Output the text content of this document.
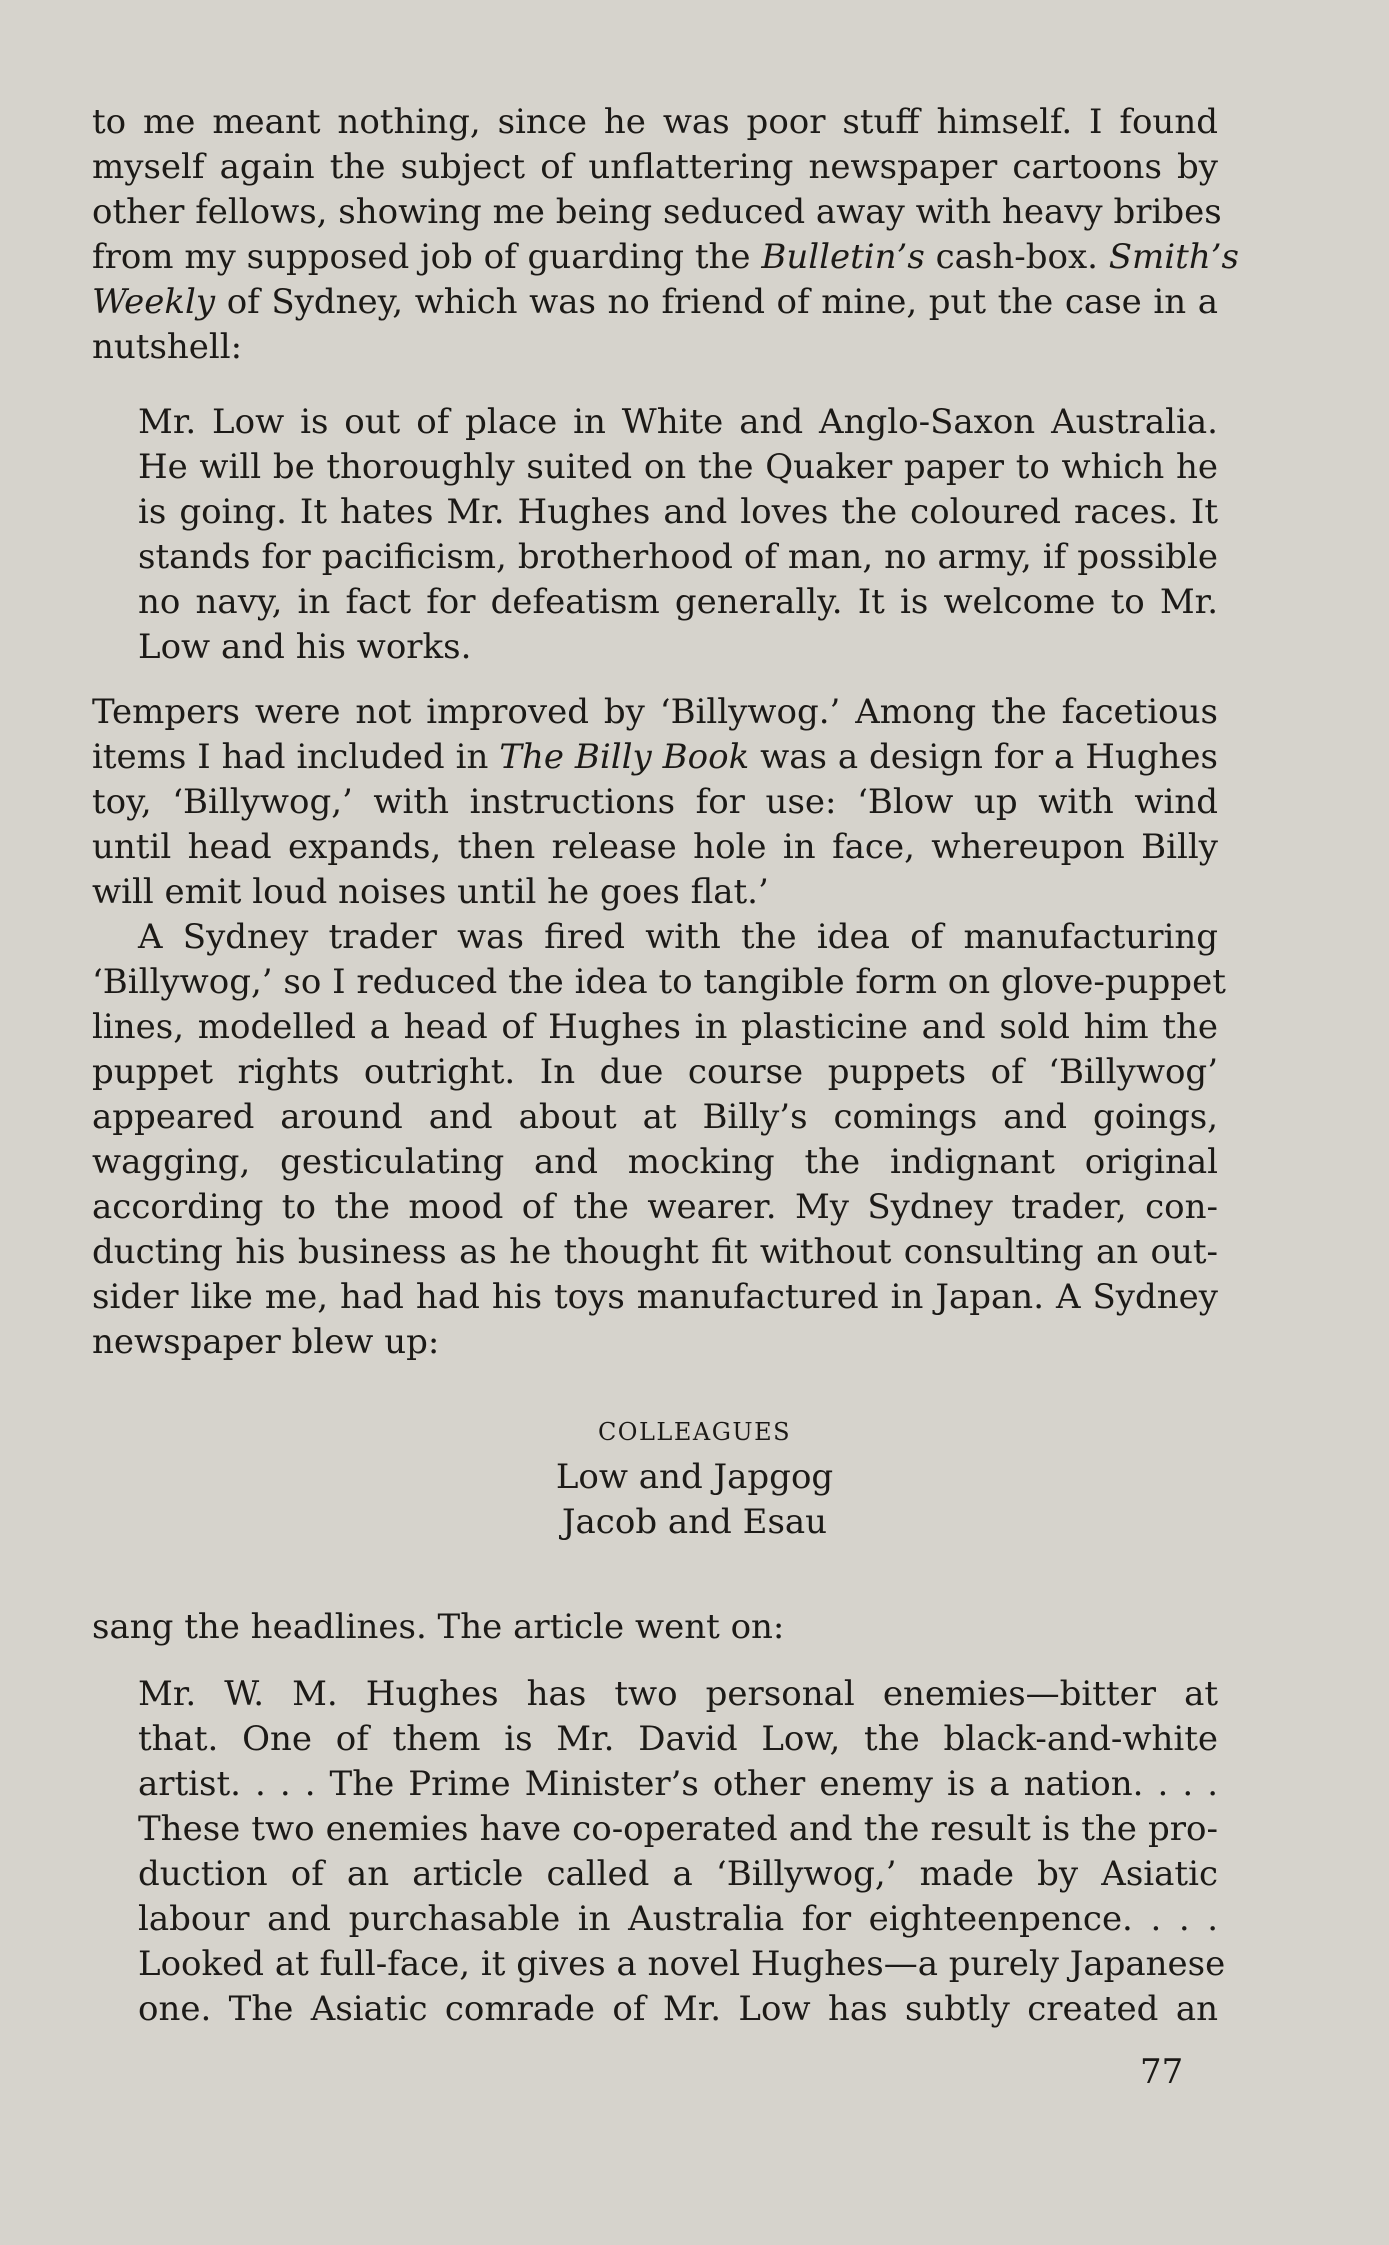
to me meant nothing, since he was poor stuff himself. I found
myself again the subject of unflattering newspaper cartoons by
other fellows, showing me being seduced away with heavy bribes
from my supposed job of guarding the Bulletin’s cash-box. Smith’s
Weekly of Sydney, which was no friend of mine, put the case in a
nutshell:
Mr. Low is out of place in White and Anglo-Saxon Australia.
He will be thoroughly suited on the Quaker paper to which he
is going. It hates Mr. Hughes and loves the coloured races. It
stands for pacificism, brotherhood of man, no army, if possible
no navy, in fact for defeatism generally. It is welcome to Mr.
Low and his works.
Tempers were not improved by ‘Billywog.’ Among the facetious
items I had included in The Billy Book was a design for a Hughes
toy, ‘Billywog,’ with instructions for use: ‘Blow up with wind
until head expands, then release hole in face, whereupon Billy
will emit loud noises until he goes flat.’
A Sydney trader was fired with the idea of manufacturing
‘Billywog,’ so I reduced the idea to tangible form on glove-puppet
lines, modelled a head of Hughes in plasticine and sold him the
puppet rights outright. In due course puppets of ‘Billywog’
appeared around and about at Billy’s comings and goings,
wagging, gesticulating and mocking the indignant original
according to the mood of the wearer. My Sydney trader, con-
ducting his business as he thought fit without consulting an out-
sider like me, had had his toys manufactured in Japan. A Sydney
newspaper blew up:
COLLEAGUES
Low and Japgog
Jacob and Esau
sang the headlines. The article went on:
Mr. W. M. Hughes has two personal enemies—bitter at
that. One of them is Mr. David Low, the black-and-white
artist. . . . The Prime Minister’s other enemy is a nation. . . .
These two enemies have co-operated and the result is the pro-
duction of an article called a ‘Billywog,’ made by Asiatic
labour and purchasable in Australia for eighteenpence. . . .
Looked at full-face, it gives a novel Hughes—a purely Japanese
one. The Asiatic comrade of Mr. Low has subtly created an
77
